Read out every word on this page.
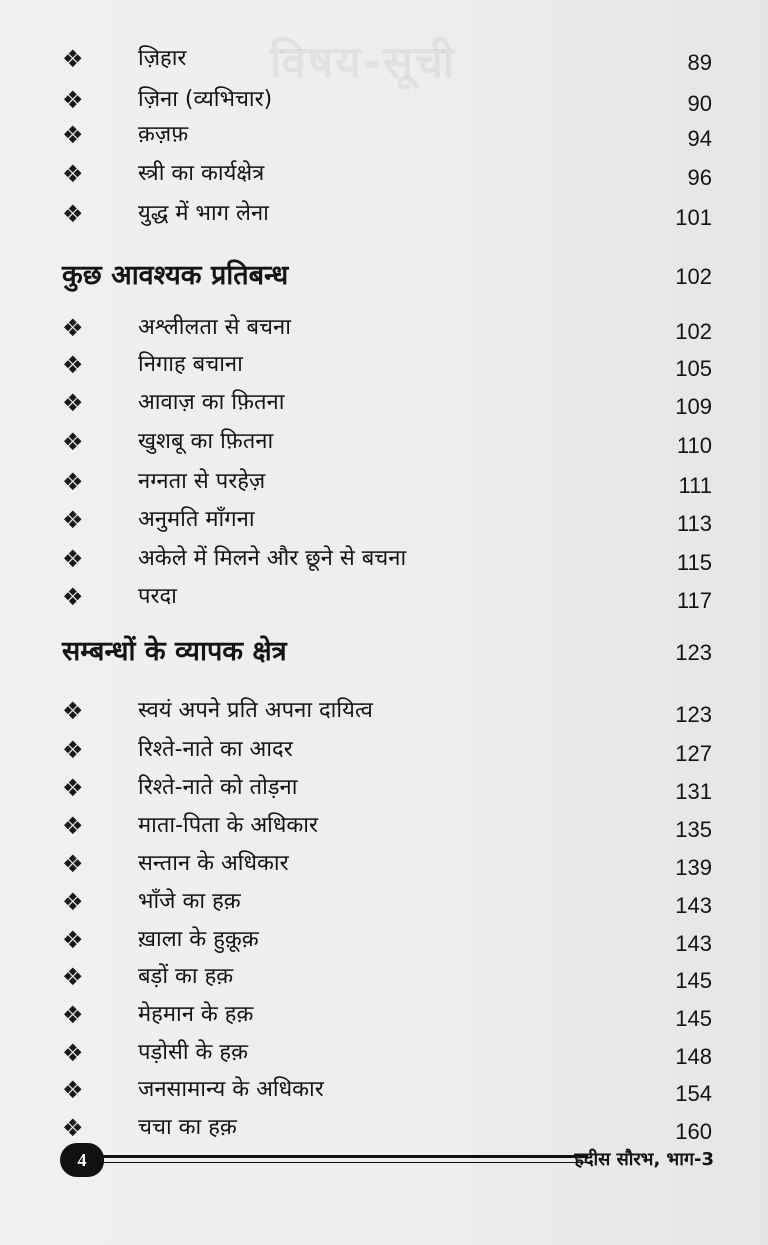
विषय-सूची
❖ ज़िहार	89
❖ ज़िना (व्यभिचार)	90
❖ क़ज़फ़	94
❖ स्त्री का कार्यक्षेत्र	96
❖ युद्ध में भाग लेना	101
कुछ आवश्यक प्रतिबन्ध	102
❖ अश्लीलता से बचना	102
❖ निगाह बचाना	105
❖ आवाज़ का फ़ितना	109
❖ खुशबू का फ़ितना	110
❖ नग्नता से परहेज़	111
❖ अनुमति माँगना	113
❖ अकेले में मिलने और छूने से बचना	115
❖ परदा	117
सम्बन्धों के व्यापक क्षेत्र	123
❖ स्वयं अपने प्रति अपना दायित्व	123
❖ रिश्ते-नाते का आदर	127
❖ रिश्ते-नाते को तोड़ना	131
❖ माता-पिता के अधिकार	135
❖ सन्तान के अधिकार	139
❖ भाँजे का हक़	143
❖ ख़ाला के हुक़ूक़	143
❖ बड़ों का हक़	145
❖ मेहमान के हक़	145
❖ पड़ोसी के हक़	148
❖ जनसामान्य के अधिकार	154
❖ चचा का हक़	160
4	हदीस सौरभ, भाग-3
